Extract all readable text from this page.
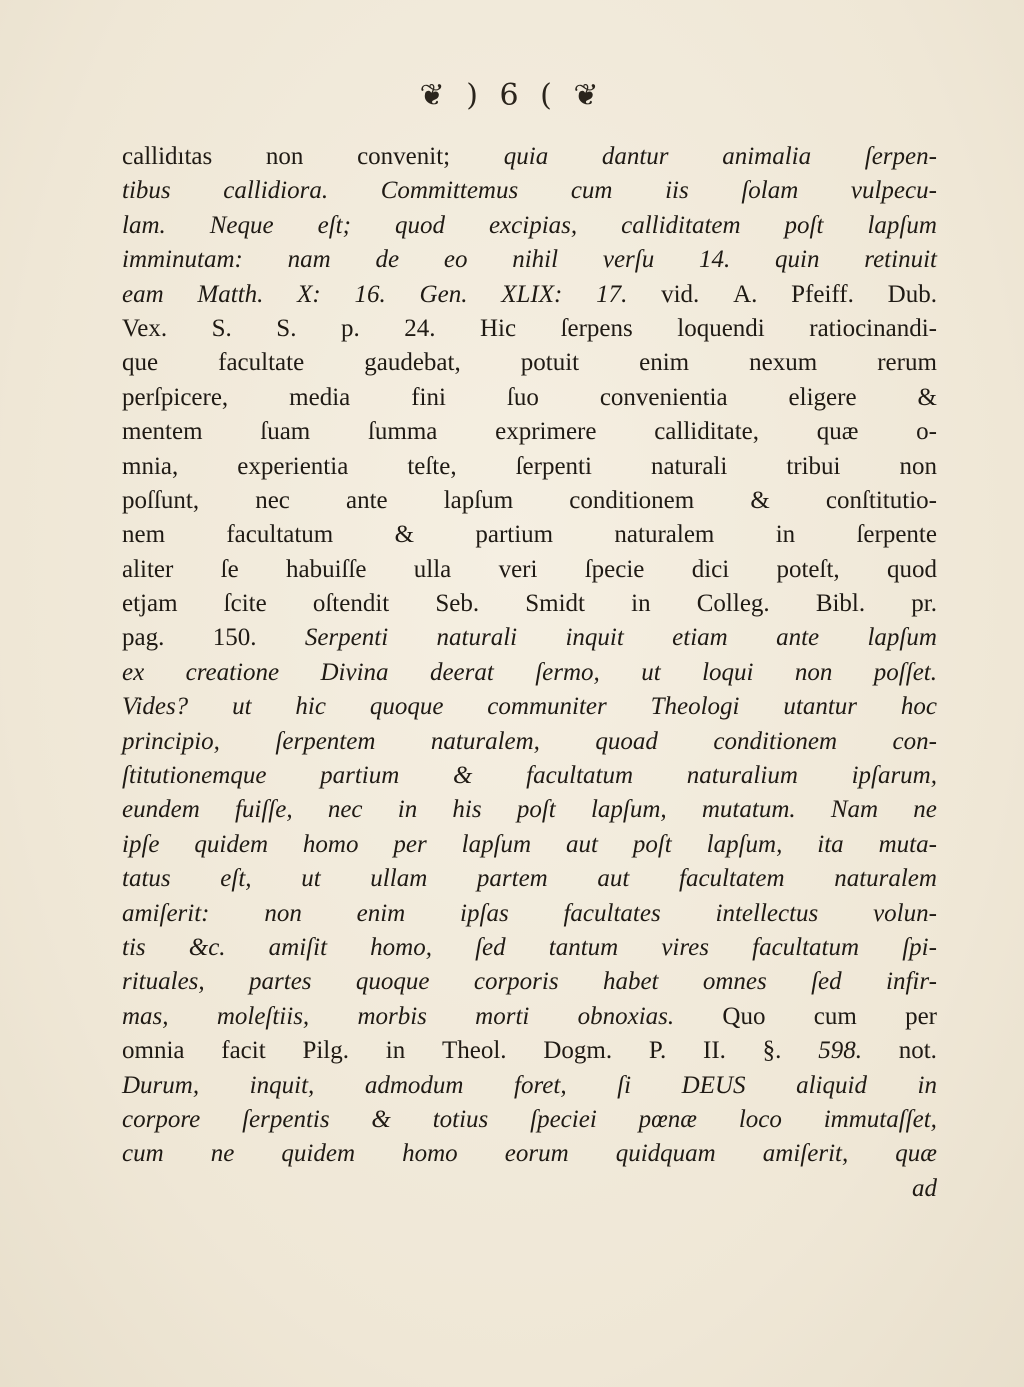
❦ ) 6 ( ❦
callidıtas non convenit; quia dantur animalia ſerpen-
tibus callidiora. Committemus cum iis ſolam vulpecu-
lam. Neque eſt; quod excipias, calliditatem poſt lapſum
imminutam: nam de eo nihil verſu 14. quin retinuit
eam Matth. X: 16. Gen. XLIX: 17. vid. A. Pfeiff. Dub.
Vex. S. S. p. 24. Hic ſerpens loquendi ratiocinandi-
que facultate gaudebat, potuit enim nexum rerum
perſpicere, media fini ſuo convenientia eligere &
mentem ſuam ſumma exprimere calliditate, quæ o-
mnia, experientia teſte, ſerpenti naturali tribui non
poſſunt, nec ante lapſum conditionem & conſtitutio-
nem facultatum & partium naturalem in ſerpente
aliter ſe habuiſſe ulla veri ſpecie dici poteſt, quod
etjam ſcite oſtendit Seb. Smidt in Colleg. Bibl. pr.
pag. 150. Serpenti naturali inquit etiam ante lapſum
ex creatione Divina deerat ſermo, ut loqui non poſſet.
Vides? ut hic quoque communiter Theologi utantur hoc
principio, ſerpentem naturalem, quoad conditionem con-
ſtitutionemque partium & facultatum naturalium ipſarum,
eundem fuiſſe, nec in his poſt lapſum, mutatum. Nam ne
ipſe quidem homo per lapſum aut poſt lapſum, ita muta-
tatus eſt, ut ullam partem aut facultatem naturalem
amiſerit: non enim ipſas facultates intellectus volun-
tis &c. amiſit homo, ſed tantum vires facultatum ſpi-
rituales, partes quoque corporis habet omnes ſed infir-
mas, moleſtiis, morbis morti obnoxias. Quo cum per
omnia facit Pilg. in Theol. Dogm. P. II. §. 598. not.
Durum, inquit, admodum foret, ſi DEUS aliquid in
corpore ſerpentis & totius ſpeciei pœnæ loco immutaſſet,
cum ne quidem homo eorum quidquam amiſerit, quæ
ad
